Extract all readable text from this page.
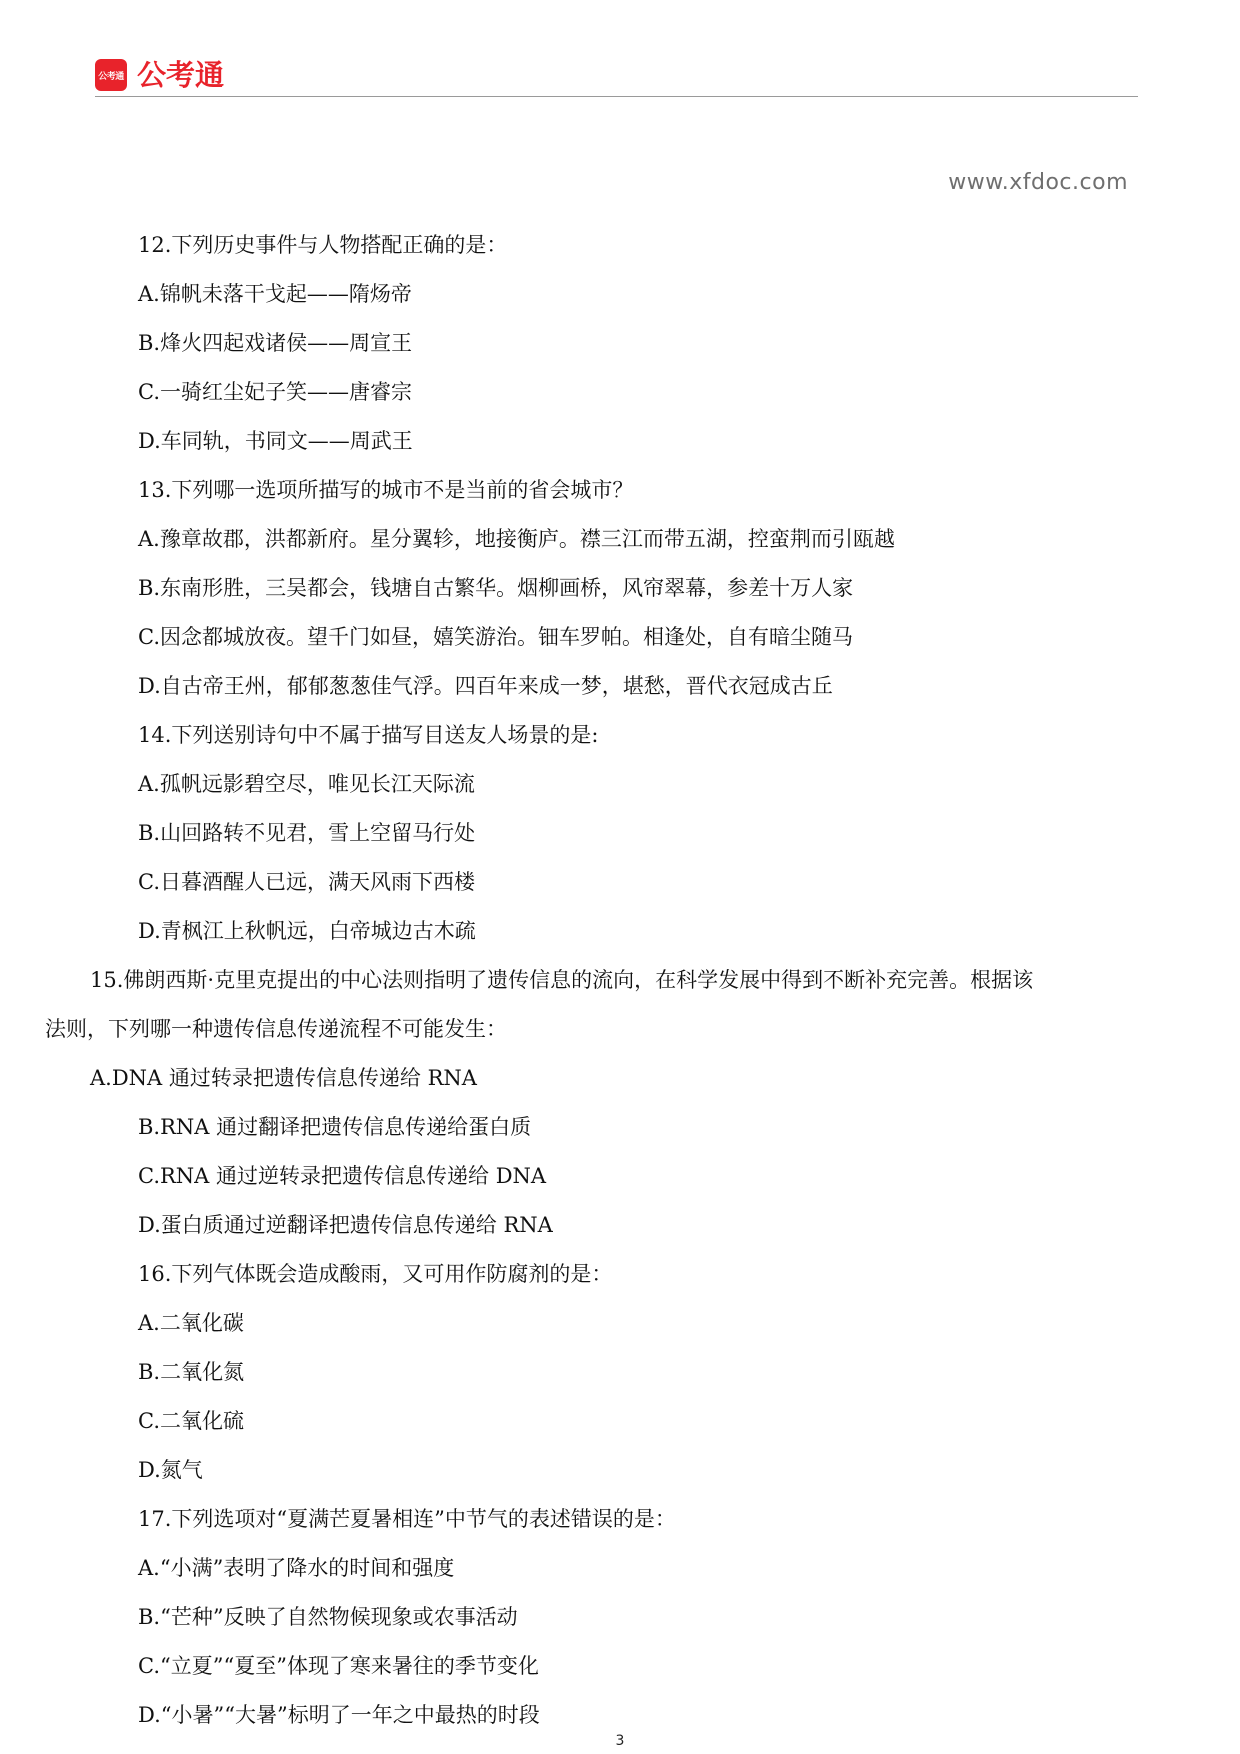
公考通 公考通
www.xfdoc.com
12.下列历史事件与人物搭配正确的是：
A.锦帆未落干戈起——隋炀帝
B.烽火四起戏诸侯——周宣王
C.一骑红尘妃子笑——唐睿宗
D.车同轨，书同文——周武王
13.下列哪一选项所描写的城市不是当前的省会城市？
A.豫章故郡，洪都新府。星分翼轸，地接衡庐。襟三江而带五湖，控蛮荆而引瓯越
B.东南形胜，三吴都会，钱塘自古繁华。烟柳画桥，风帘翠幕，参差十万人家
C.因念都城放夜。望千门如昼，嬉笑游治。钿车罗帕。相逢处，自有暗尘随马
D.自古帝王州，郁郁葱葱佳气浮。四百年来成一梦，堪愁，晋代衣冠成古丘
14.下列送别诗句中不属于描写目送友人场景的是:
A.孤帆远影碧空尽，唯见长江天际流
B.山回路转不见君，雪上空留马行处
C.日暮酒醒人已远，满天风雨下西楼
D.青枫江上秋帆远，白帝城边古木疏
15.佛朗西斯·克里克提出的中心法则指明了遗传信息的流向，在科学发展中得到不断补充完善。根据该
法则，下列哪一种遗传信息传递流程不可能发生：
A.DNA 通过转录把遗传信息传递给 RNA
B.RNA 通过翻译把遗传信息传递给蛋白质
C.RNA 通过逆转录把遗传信息传递给 DNA
D.蛋白质通过逆翻译把遗传信息传递给 RNA
16.下列气体既会造成酸雨，又可用作防腐剂的是：
A.二氧化碳
B.二氧化氮
C.二氧化硫
D.氮气
17.下列选项对“夏满芒夏暑相连”中节气的表述错误的是：
A.“小满”表明了降水的时间和强度
B.“芒种”反映了自然物候现象或农事活动
C.“立夏”“夏至”体现了寒来暑往的季节变化
D.“小暑”“大暑”标明了一年之中最热的时段
3
